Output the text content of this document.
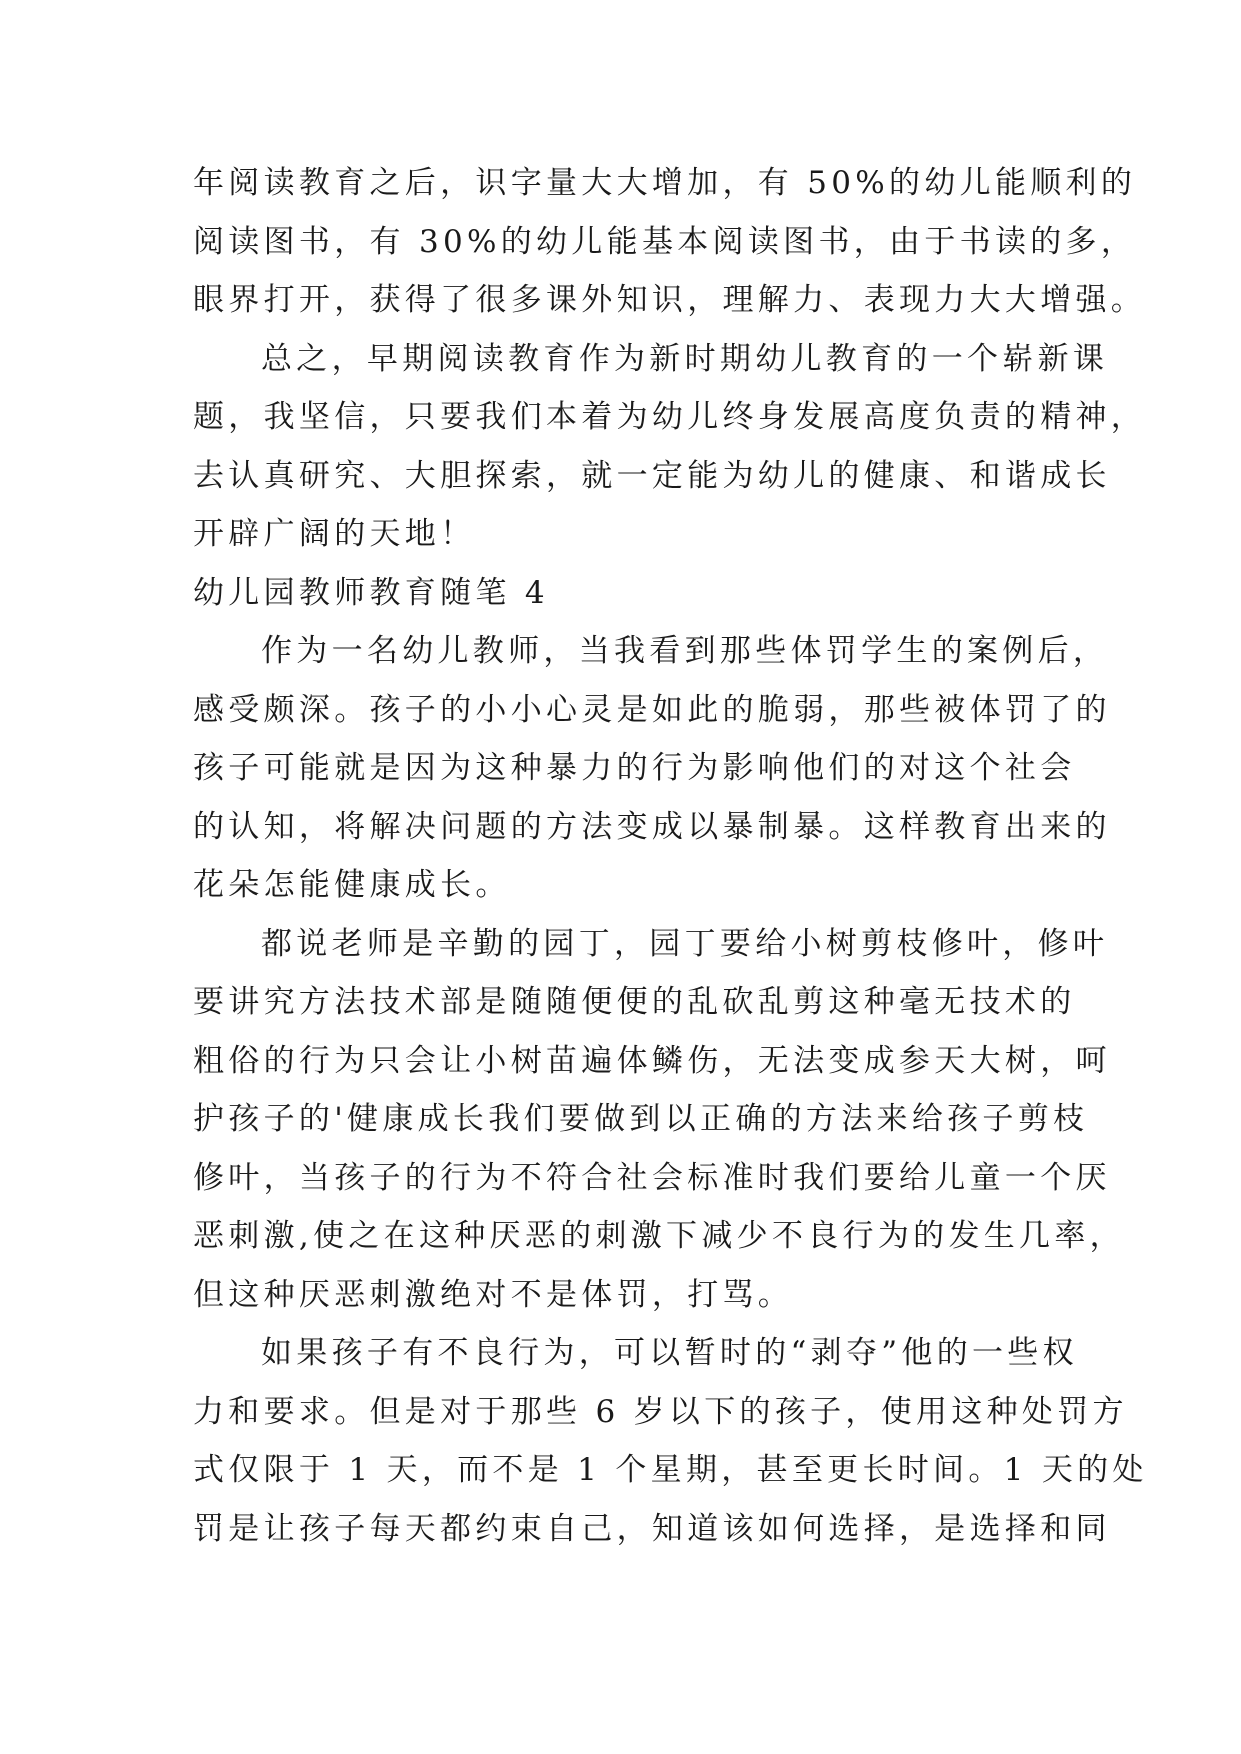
年阅读教育之后，识字量大大增加，有 50%的幼儿能顺利的
阅读图书，有 30%的幼儿能基本阅读图书，由于书读的多，
眼界打开，获得了很多课外知识，理解力、表现力大大增强。
总之，早期阅读教育作为新时期幼儿教育的一个崭新课
题，我坚信，只要我们本着为幼儿终身发展高度负责的精神，
去认真研究、大胆探索，就一定能为幼儿的健康、和谐成长
开辟广阔的天地！
幼儿园教师教育随笔 4
作为一名幼儿教师，当我看到那些体罚学生的案例后，
感受颇深。孩子的小小心灵是如此的脆弱，那些被体罚了的
孩子可能就是因为这种暴力的行为影响他们的对这个社会
的认知，将解决问题的方法变成以暴制暴。这样教育出来的
花朵怎能健康成长。
都说老师是辛勤的园丁，园丁要给小树剪枝修叶，修叶
要讲究方法技术部是随随便便的乱砍乱剪这种毫无技术的
粗俗的行为只会让小树苗遍体鳞伤，无法变成参天大树，呵
护孩子的'健康成长我们要做到以正确的方法来给孩子剪枝
修叶，当孩子的行为不符合社会标准时我们要给儿童一个厌
恶刺激,使之在这种厌恶的刺激下减少不良行为的发生几率，
但这种厌恶刺激绝对不是体罚，打骂。
如果孩子有不良行为，可以暂时的“剥夺”他的一些权
力和要求。但是对于那些 6 岁以下的孩子，使用这种处罚方
式仅限于 1 天，而不是 1 个星期，甚至更长时间。1 天的处
罚是让孩子每天都约束自己，知道该如何选择，是选择和同
